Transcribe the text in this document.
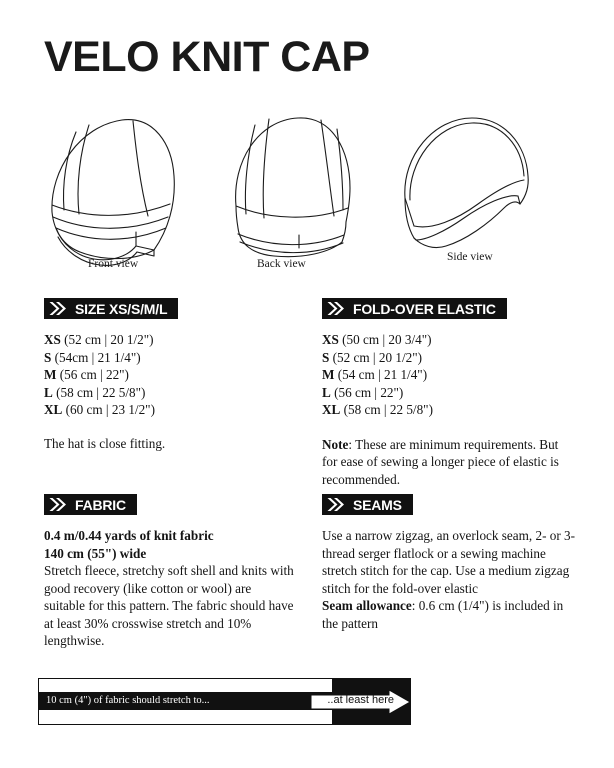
VELO KNIT CAP
Front view	Back view
Side view
SIZE XS/S/M/L
XS (52 cm | 20 1/2")
S (54cm | 21 1/4")
M (56 cm | 22")
L (58 cm | 22 5/8")
XL (60 cm | 23 1/2")

The hat is close fitting.

FOLD-OVER ELASTIC
XS (50 cm | 20 3/4")
S (52 cm | 20 1/2")
M (54 cm | 21 1/4")
L (56 cm | 22")
XL (58 cm | 22 5/8")

Note: These are minimum requirements. But for ease of sewing a longer piece of elastic is recommended.

FABRIC
0.4 m/0.44 yards of knit fabric
140 cm (55") wide

Stretch fleece, stretchy soft shell and knits with good recovery (like cotton or wool) are suitable for this pattern. The fabric should have at least 30% crosswise stretch and 10% lengthwise.

SEAMS

Use a narrow zigzag, an overlock seam, 2- or 3-thread serger flatlock or a sewing machine stretch stitch for the cap. Use a medium zigzag stitch for the fold-over elastic

Seam allowance: 0.6 cm (1/4") is included in the pattern

10 cm (4") of fabric should stretch to...	..at least here
